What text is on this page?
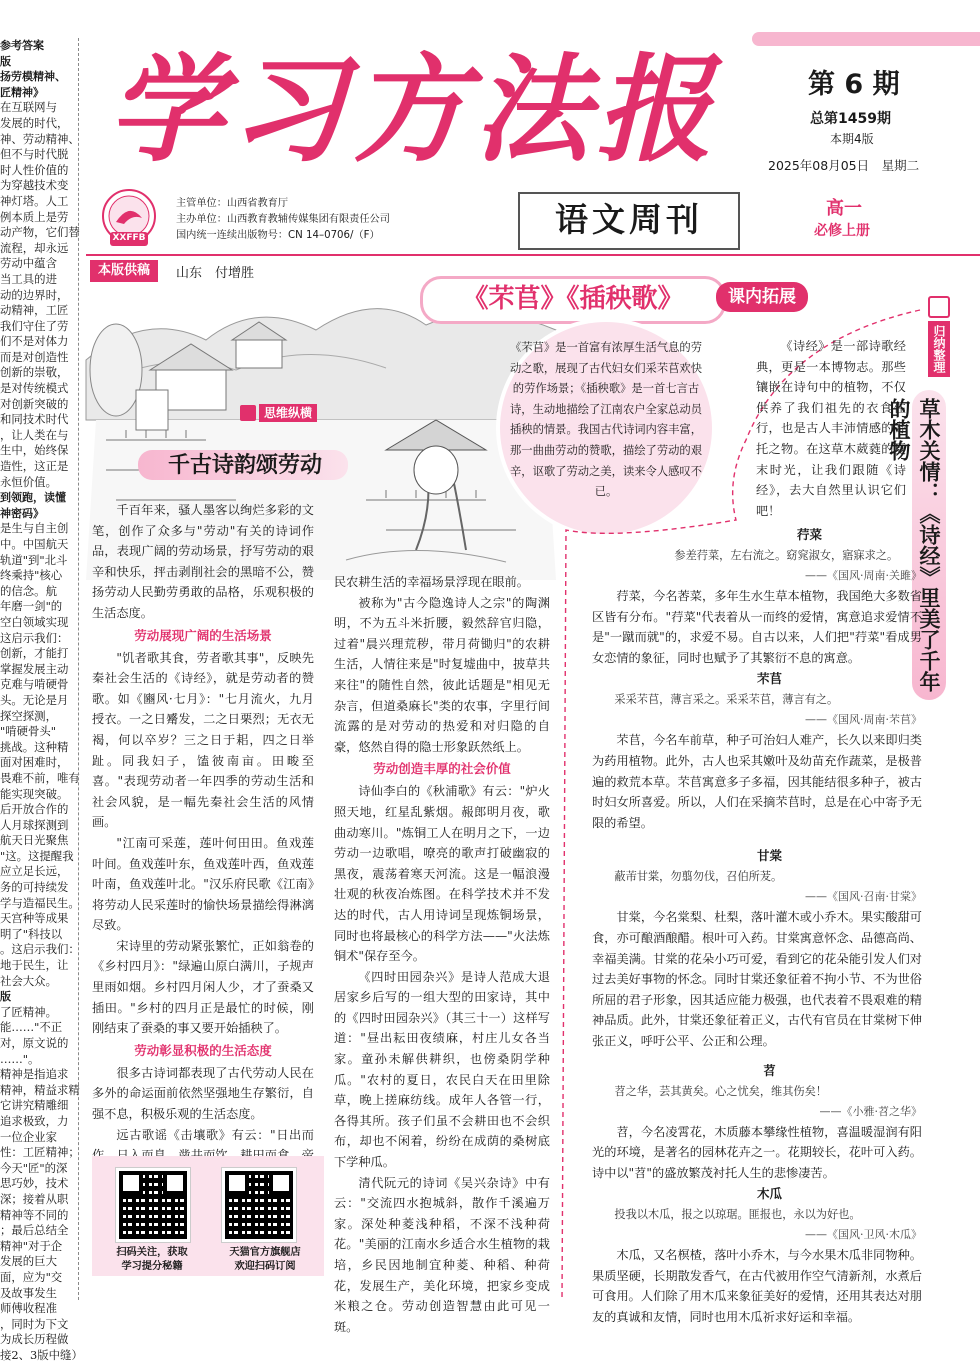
学习方法报	第 6 期
总第1459期
本期4版
2025年08月05日　星期二
XXFFB
主管单位：山西省教育厅
主办单位：山西教育教辅传媒集团有限责任公司
国内统一连续出版物号：CN 14–0706/（F）	语文周刊	高一
必修上册

参考答案

版

扬劳模精神、

匠精神》

在互联网与

发展的时代，

神、劳动精神、

但不与时代脱

时人性价值的

为穿越技术变

神灯塔。人工

例本质上是劳

动产物，它们替

流程，却永远

劳动中蕴含

当工具的进

动的边界时，

动精神，工匠

我们守住了劳

们不是对体力

而是对创造性

创新的崇敬，

是对传统模式

对创新突破的

和同技术时代

，让人类在与

生中，始终保

造性，这正是

永恒价值。

到领跑，读懂

神密码》

是生与自主创

中。中国航天

轨道"到"北斗

终乘持"核心

的信念。航

年磨一剑"的

空白领域实现

这启示我们：

创新，才能打

掌握发展主动

克难与啃硬骨

头。无论是月

探空探测，

"啃硬骨头"

挑战。这种精

面对困难时，

畏难不前，唯有

能实现突破。

后开放合作的

人月球探测到

航天日光聚焦

"这。这提醒我

应立足长远，

务的可持续发

学与造福民生。

天宫种等成果

明了"科技以

。这启示我们：

地于民生，让

社会大众。

版

了匠精神。

能……"不正

对，原文说的

……"。

精神是指追求

精神，精益求精

它讲究精雕细

追求极致，力

一位企业家

性：工匠精神；

今天"匠"的深

思巧妙，技术

深；接着从职

精神等不同的

；最后总结全

精神"对于企

发展的巨大

面，应为"交

及故事发生

师傅收程准

，同时为下文

为成长历程做

接2、3版中缝）

本版供稿	山东　付增胜
《芣苢》《插秧歌》	课内拓展
《芣苢》是一首富有浓厚生活气息的劳动之歌，展现了古代妇女们采芣苢欢快的劳作场景；《插秧歌》是一首七言古诗，生动地描绘了江南农户全家总动员插秧的情景。我国古代诗词内容丰富，那一曲曲劳动的赞歌，描绘了劳动的艰辛，讴歌了劳动之美，读来令人感叹不已。
思维纵横
千古诗韵颂劳动

千百年来，骚人墨客以绚烂多彩的文笔，创作了众多与"劳动"有关的诗词作品，表现广阔的劳动场景，抒写劳动的艰辛和快乐，抨击剥削社会的黑暗不公，赞扬劳动人民勤劳勇敢的品格，乐观积极的生活态度。

劳动展现广阔的生活场景

"饥者歌其食，劳者歌其事"，反映先秦社会生活的《诗经》，就是劳动者的赞歌。如《豳风·七月》："七月流火，九月授衣。一之日觱发，二之日栗烈；无衣无褐，何以卒岁？三之日于耜，四之日举趾。同我妇子，馌彼南亩。田畯至喜。"表现劳动者一年四季的劳动生活和社会风貌，是一幅先秦社会生活的风情画。

"江南可采莲，莲叶何田田。鱼戏莲叶间。鱼戏莲叶东，鱼戏莲叶西，鱼戏莲叶南，鱼戏莲叶北。"汉乐府民歌《江南》将劳动人民采莲时的愉快场景描绘得淋漓尽致。

宋诗里的劳动紧张繁忙，正如翁卷的《乡村四月》："绿遍山原白满川，子规声里雨如烟。乡村四月闲人少，才了蚕桑又插田。"乡村的四月正是最忙的时候，刚刚结束了蚕桑的事又要开始插秧了。

劳动彰显积极的生活态度

很多古诗词都表现了古代劳动人民在多外的命运面前依然坚强地生存繁衍，自强不息，积极乐观的生活态度。

远古歌谣《击壤歌》有云："日出而

扫码关注，获取
学习提分秘籍
天猫官方旗舰店
欢迎扫码订阅

民农耕生活的幸福场景浮现在眼前。

被称为"古今隐逸诗人之宗"的陶渊明，不为五斗米折腰，毅然辞官归隐，过着"晨兴理荒秽，带月荷锄归"的农耕生活，人情往来是"时复墟曲中，披草共来往"的随性自然，彼此话题是"相见无杂言，但道桑麻长"类的农事，字里行间流露的是对劳动的热爱和对归隐的自豪，悠然自得的隐士形象跃然纸上。

劳动创造丰厚的社会价值

诗仙李白的《秋浦歌》有云："炉火照天地，红星乱紫烟。赧郎明月夜，歌曲动寒川。"炼铜工人在明月之下，一边劳动一边歌唱，嘹亮的歌声打破幽寂的黑夜，震荡着寒天河流。这是一幅浪漫壮观的秋夜冶炼图。在科学技术并不发达的时代，古人用诗词呈现炼铜场景，同时也将最核心的科学方法——"火法炼铜术"保存至今。

《四时田园杂兴》是诗人范成大退居家乡后写的一组大型的田家诗，其中的《四时田园杂兴》（其三十一）这样写道："昼出耘田夜绩麻，村庄儿女各当家。童孙未解供耕织，也傍桑阴学种瓜。"农村的夏日，农民白天在田里除草，晚上搓麻纺线。成年人各管一行，各得其所。孩子们虽不会耕田也不会织布，却也不闲着，纷纷在成荫的桑树底下学种瓜。

清代阮元的诗词《吴兴杂诗》中有云："交流四水抱城斜，散作千溪遍万家。深处种菱浅种稻，不深不浅种荷花。"美丽的江南水乡适合水生植物的栽培，乡民因地制宜种菱、种稻、种荷花，发展生产，美化环境，把家乡变成米粮之仓。劳动创造智慧由此可见一斑。

归纳整理
草木关情：《诗经》里美了千年的植物
《诗经》是一部诗歌经典，更是一本博物志。那些镶嵌在诗句中的植物，不仅供养了我们祖先的衣食住行，也是古人丰沛情感的寄托之物。在这草木葳蕤的夏末时光，让我们跟随《诗经》，去大自然里认识它们吧！

荇菜

参差荇菜，左右流之。窈窕淑女，寤寐求之。

——《国风·周南·关雎》

荇菜，今名莕菜，多年生水生草本植物，我国绝大多数省区皆有分布。"荇菜"代表着从一而终的爱情，寓意追求爱情不是"一蹴而就"的，求爱不易。自古以来，人们把"荇菜"看成男女恋情的象征，同时也赋予了其繁衍不息的寓意。

芣苢

采采芣苢，薄言采之。采采芣苢，薄言有之。

——《国风·周南·芣苢》

芣苢，今名车前草，种子可治妇人难产，长久以来即归类为药用植物。此外，古人也采其嫩叶及幼苗充作蔬菜，是极普遍的救荒本草。芣苢寓意多子多福，因其能结很多种子，被古时妇女所喜爱。所以，人们在采摘芣苢时，总是在心中寄予无限的希望。

甘棠

蔽芾甘棠，勿翦勿伐，召伯所茇。

——《国风·召南·甘棠》

甘棠，今名棠梨、杜梨，落叶灌木或小乔木。果实酸甜可食，亦可酿酒酿醋。根叶可入药。甘棠寓意怀念、品德高尚、幸福美满。甘棠的花朵小巧可爱，看到它的花朵能引发人们对过去美好事物的怀念。同时甘棠还象征着不拘小节、不为世俗所屈的君子形象，因其适应能力极强，也代表着不畏艰难的精神品质。此外，甘棠还象征着正义，古代有官员在甘棠树下伸张正义，呼吁公平、公正和公理。

苕

苕之华，芸其黄矣。心之忧矣，维其伤矣！

——《小雅·苕之华》

苕，今名凌霄花，木质藤本攀缘性植物，喜温暖湿润有阳光的环境，是著名的园林花卉之一。花期较长，花叶可入药。诗中以"苕"的盛放繁茂衬托人生的悲惨凄苦。

木瓜

投我以木瓜，报之以琼琚。匪报也，永以为好也。

——《国风·卫风·木瓜》

木瓜，又名榠楂，落叶小乔木，与今水果木瓜非同物种。果质坚硬，长期散发香气，在古代被用作空气清新剂，水煮后可食用。人们除了用木瓜来象征美好的爱情，还用其表达对朋友的真诚和友情，同时也用木瓜祈求好运和幸福。
